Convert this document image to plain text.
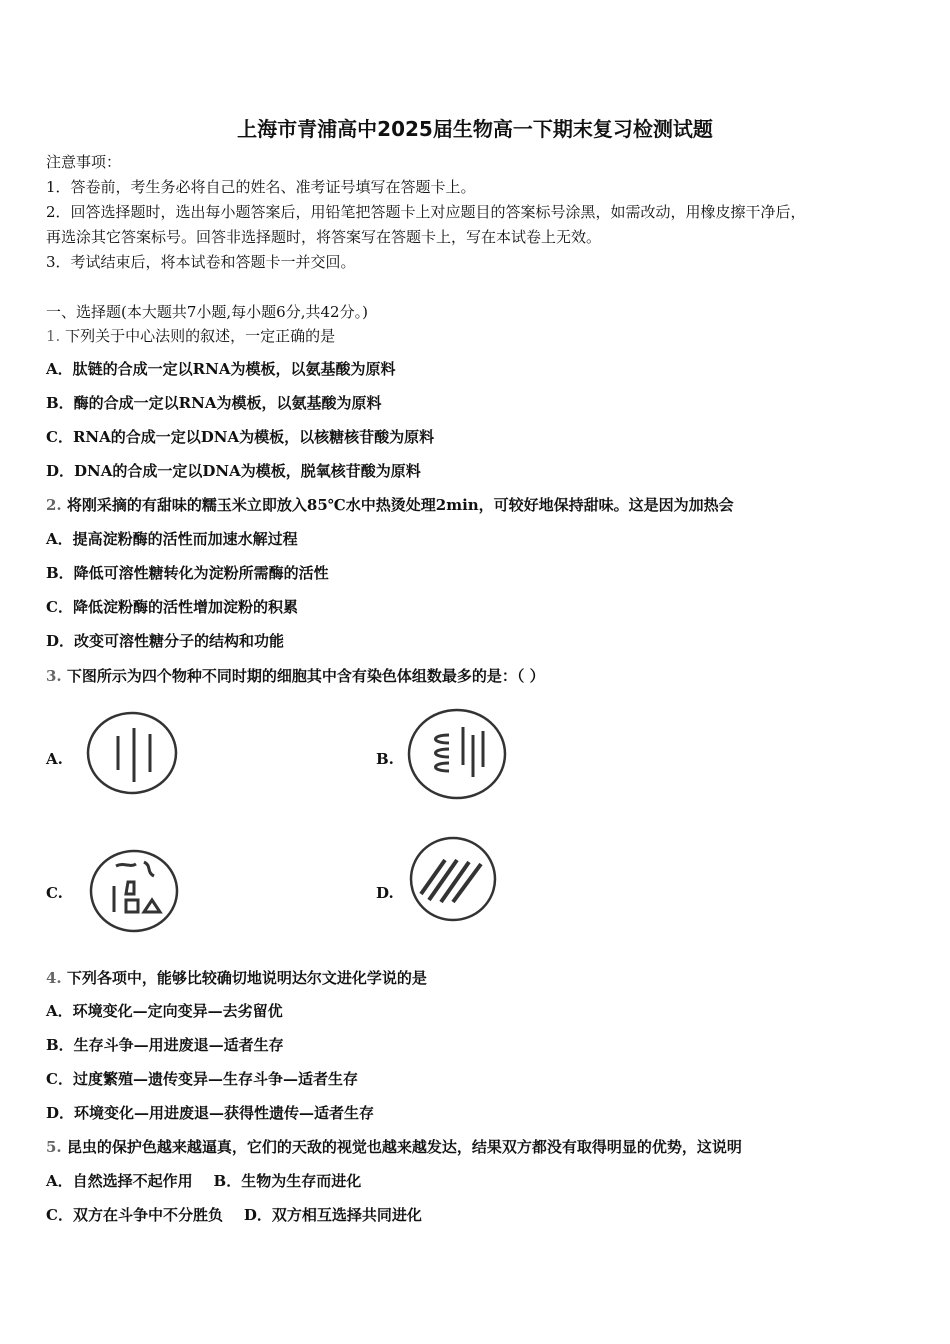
上海市青浦高中2025届生物高一下期末复习检测试题
注意事项：
1．答卷前，考生务必将自己的姓名、准考证号填写在答题卡上。
2．回答选择题时，选出每小题答案后，用铅笔把答题卡上对应题目的答案标号涂黑，如需改动，用橡皮擦干净后，
再选涂其它答案标号。回答非选择题时，将答案写在答题卡上，写在本试卷上无效。
3．考试结束后，将本试卷和答题卡一并交回。
一、选择题(本大题共7小题,每小题6分,共42分。)
1. 下列关于中心法则的叙述，一定正确的是
A．肽链的合成一定以RNA为模板，以氨基酸为原料
B．酶的合成一定以RNA为模板，以氨基酸为原料
C．RNA的合成一定以DNA为模板，以核糖核苷酸为原料
D．DNA的合成一定以DNA为模板，脱氧核苷酸为原料
2. 将刚采摘的有甜味的糯玉米立即放入85℃水中热烫处理2min，可较好地保持甜味。这是因为加热会
A．提高淀粉酶的活性而加速水解过程
B．降低可溶性糖转化为淀粉所需酶的活性
C．降低淀粉酶的活性增加淀粉的积累
D．改变可溶性糖分子的结构和功能
3. 下图所示为四个物种不同时期的细胞其中含有染色体组数最多的是：（ ）
A.	B.
C.	D.
4. 下列各项中，能够比较确切地说明达尔文进化学说的是
A．环境变化—定向变异—去劣留优
B．生存斗争—用进废退—适者生存
C．过度繁殖—遗传变异—生存斗争—适者生存
D．环境变化—用进废退—获得性遗传—适者生存
5. 昆虫的保护色越来越逼真，它们的天敌的视觉也越来越发达，结果双方都没有取得明显的优势，这说明
A．自然选择不起作用    B．生物为生存而进化
C．双方在斗争中不分胜负    D．双方相互选择共同进化
